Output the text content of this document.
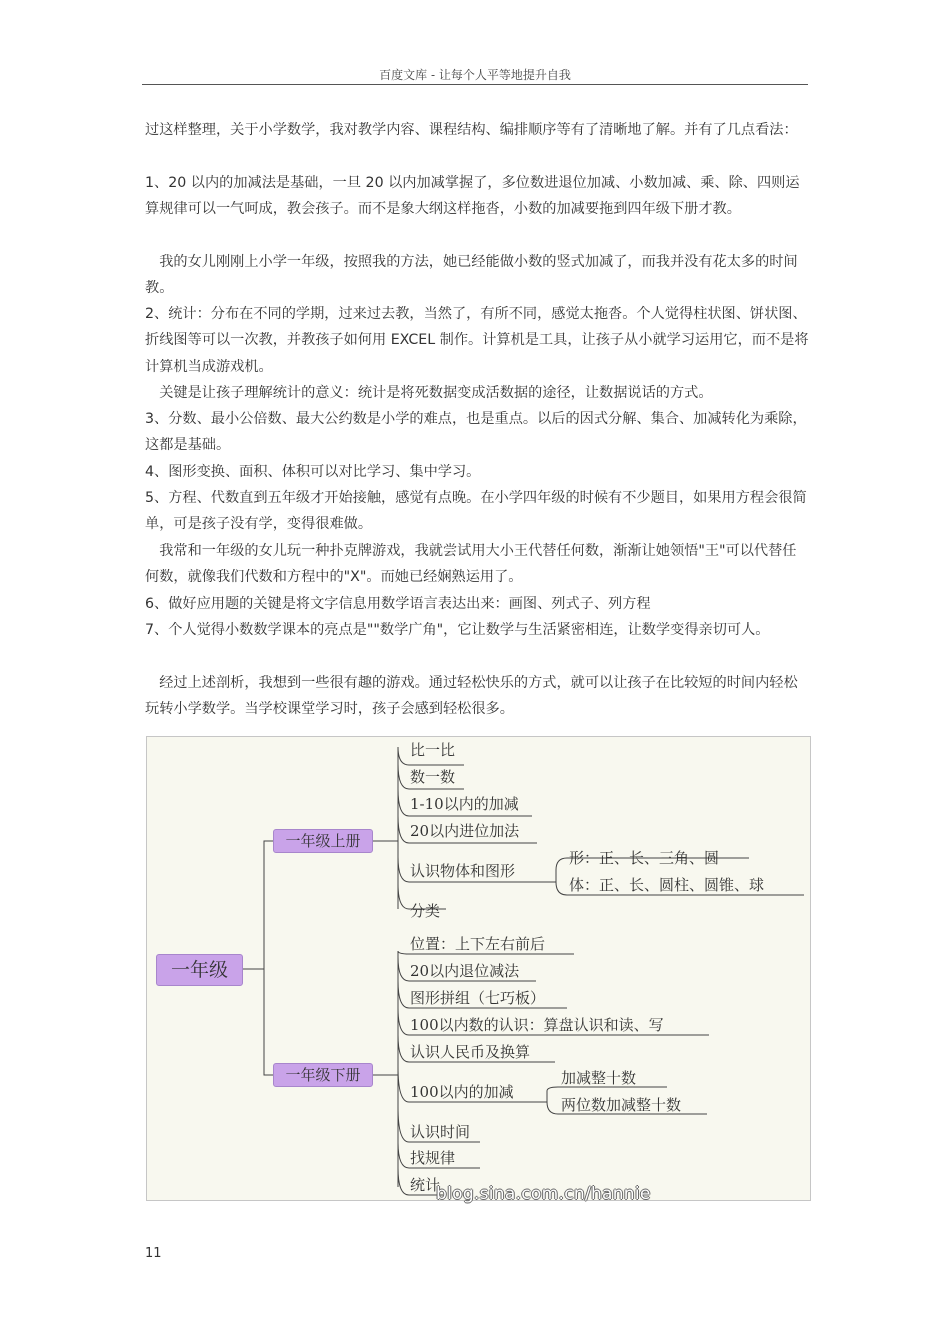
百度文库 - 让每个人平等地提升自我

过这样整理，关于小学数学，我对教学内容、课程结构、编排顺序等有了清晰地了解。并有了几点看法：

1、20 以内的加减法是基础，一旦 20 以内加减掌握了，多位数进退位加减、小数加减、乘、除、四则运算规律可以一气呵成，教会孩子。而不是象大纲这样拖沓，小数的加减要拖到四年级下册才教。

我的女儿刚刚上小学一年级，按照我的方法，她已经能做小数的竖式加减了，而我并没有花太多的时间教。

2、统计：分布在不同的学期，过来过去教，当然了，有所不同，感觉太拖沓。个人觉得柱状图、饼状图、折线图等可以一次教，并教孩子如何用 EXCEL 制作。计算机是工具，让孩子从小就学习运用它，而不是将计算机当成游戏机。

关键是让孩子理解统计的意义：统计是将死数据变成活数据的途径，让数据说话的方式。

3、分数、最小公倍数、最大公约数是小学的难点，也是重点。以后的因式分解、集合、加减转化为乘除，这都是基础。

4、图形变换、面积、体积可以对比学习、集中学习。

5、方程、代数直到五年级才开始接触，感觉有点晚。在小学四年级的时候有不少题目，如果用方程会很简单，可是孩子没有学，变得很难做。

我常和一年级的女儿玩一种扑克牌游戏，我就尝试用大小王代替任何数，渐渐让她领悟"王"可以代替任何数，就像我们代数和方程中的"X"。而她已经娴熟运用了。

6、做好应用题的关键是将文字信息用数学语言表达出来：画图、列式子、列方程

7、个人觉得小数数学课本的亮点是""数学广角"，它让数学与生活紧密相连，让数学变得亲切可人。

经过上述剖析，我想到一些很有趣的游戏。通过轻松快乐的方式，就可以让孩子在比较短的时间内轻松玩转小学数学。当学校课堂学习时，孩子会感到轻松很多。

一年级
一年级上册
一年级下册
比一比
数一数
1-10以内的加减
20以内进位加法
认识物体和图形
分类
形：正、长、三角、圆
体：正、长、圆柱、圆锥、球
位置：上下左右前后
20以内退位减法
图形拼组（七巧板）
100以内数的认识：算盘认识和读、写
认识人民币及换算
100以内的加减
认识时间
找规律
统计
加减整十数
两位数加减整十数
blog.sina.com.cn/hannie
11
